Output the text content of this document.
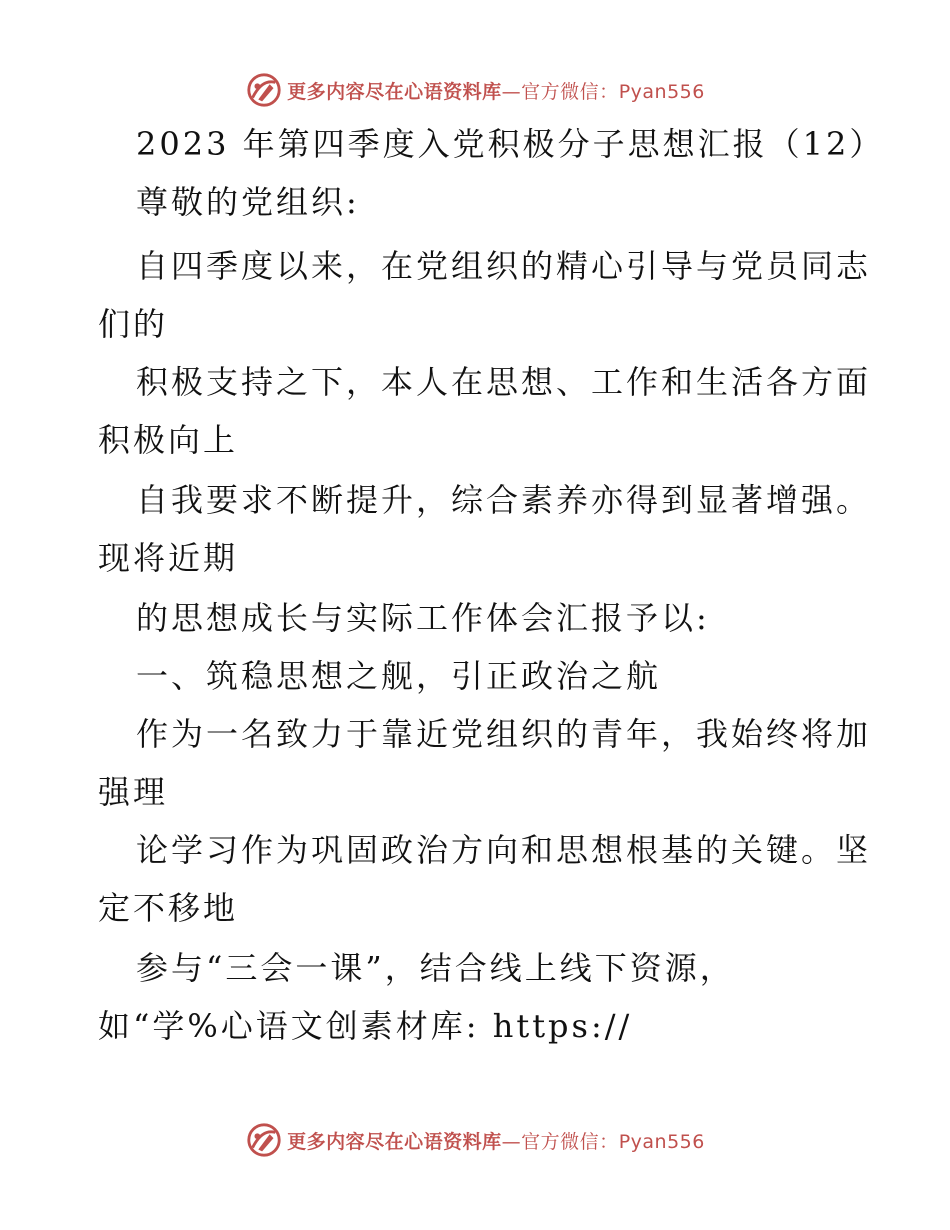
更多内容尽在心语资料库—官方微信：Pyan556
2023 年第四季度入党积极分子思想汇报（12）
尊敬的党组织:
自四季度以来，在党组织的精心引导与党员同志
们的
积极支持之下，本人在思想、工作和生活各方面
积极向上
自我要求不断提升，综合素养亦得到显著增强。
现将近期
的思想成长与实际工作体会汇报予以:
一、筑稳思想之舰，引正政治之航
作为一名致力于靠近党组织的青年，我始终将加
强理
论学习作为巩固政治方向和思想根基的关键。坚
定不移地
参与“三会一课”，结合线上线下资源，
如“学%心语文创素材库: https://
更多内容尽在心语资料库—官方微信：Pyan556
